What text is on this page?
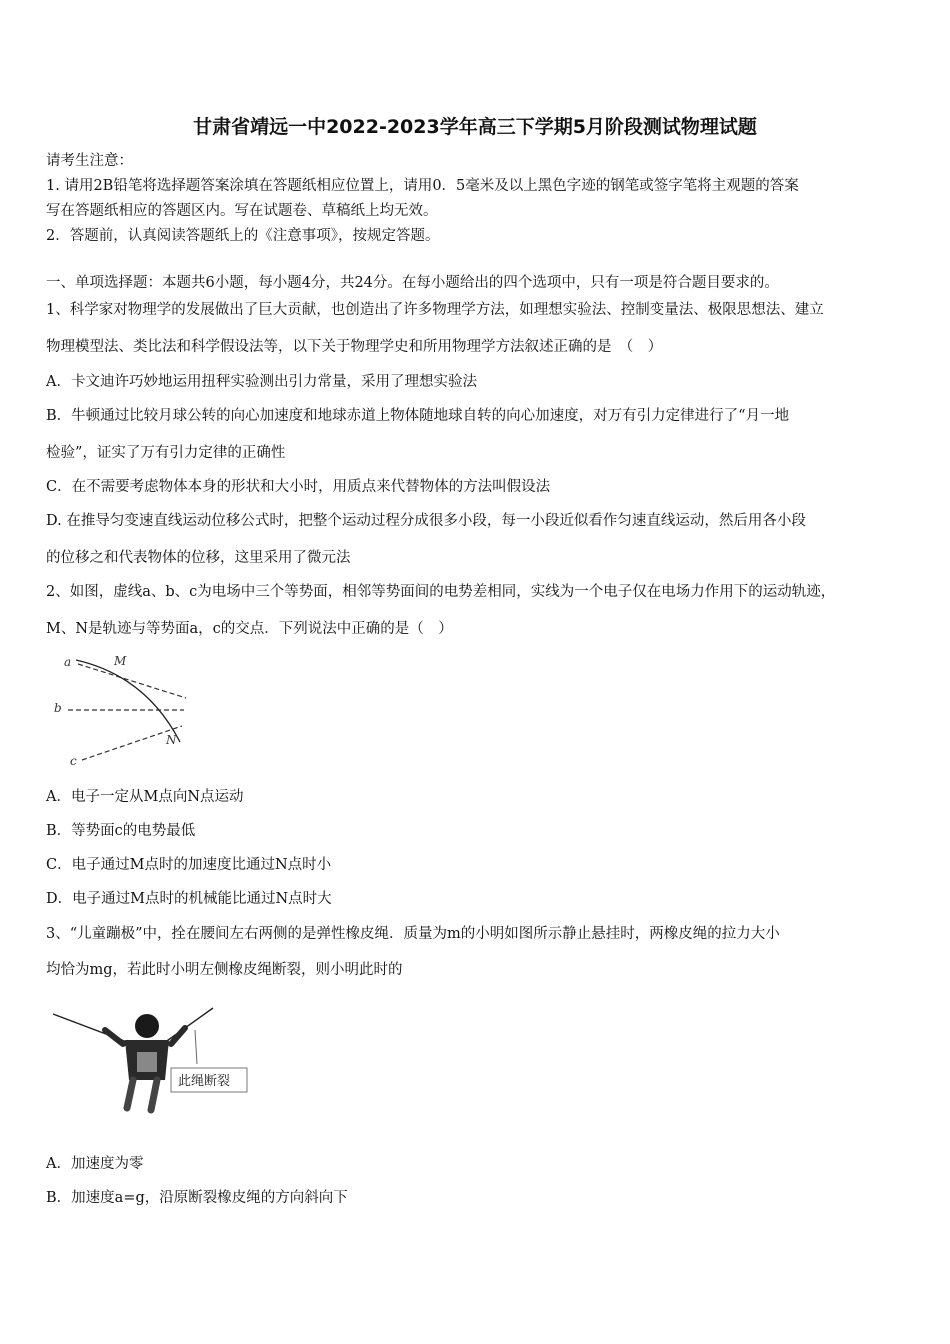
甘肃省靖远一中2022-2023学年高三下学期5月阶段测试物理试题
请考生注意：
1. 请用2B铅笔将选择题答案涂填在答题纸相应位置上，请用0．5毫米及以上黑色字迹的钢笔或签字笔将主观题的答案
写在答题纸相应的答题区内。写在试题卷、草稿纸上均无效。
2．答题前，认真阅读答题纸上的《注意事项》，按规定答题。
一、单项选择题：本题共6小题，每小题4分，共24分。在每小题给出的四个选项中，只有一项是符合题目要求的。
1、科学家对物理学的发展做出了巨大贡献，也创造出了许多物理学方法，如理想实验法、控制变量法、极限思想法、建立
物理模型法、类比法和科学假设法等，以下关于物理学史和所用物理学方法叙述正确的是　（　）
A．卡文迪许巧妙地运用扭秤实验测出引力常量，采用了理想实验法
B．牛顿通过比较月球公转的向心加速度和地球赤道上物体随地球自转的向心加速度，对万有引力定律进行了“月一地
检验”，证实了万有引力定律的正确性
C．在不需要考虑物体本身的形状和大小时，用质点来代替物体的方法叫假设法
D. 在推导匀变速直线运动位移公式时，把整个运动过程分成很多小段，每一小段近似看作匀速直线运动，然后用各小段
的位移之和代表物体的位移，这里采用了微元法
2、如图，虚线a、b、c为电场中三个等势面，相邻等势面间的电势差相同，实线为一个电子仅在电场力作用下的运动轨迹，
M、N是轨迹与等势面a，c的交点．下列说法中正确的是（　）
a	M
b
N
c
A．电子一定从M点向N点运动
B．等势面c的电势最低
C．电子通过M点时的加速度比通过N点时小
D．电子通过M点时的机械能比通过N点时大
3、“儿童蹦极”中，拴在腰间左右两侧的是弹性橡皮绳．质量为m的小明如图所示静止悬挂时，两橡皮绳的拉力大小
均恰为mg，若此时小明左侧橡皮绳断裂，则小明此时的
此绳断裂
A．加速度为零
B．加速度a=g，沿原断裂橡皮绳的方向斜向下
